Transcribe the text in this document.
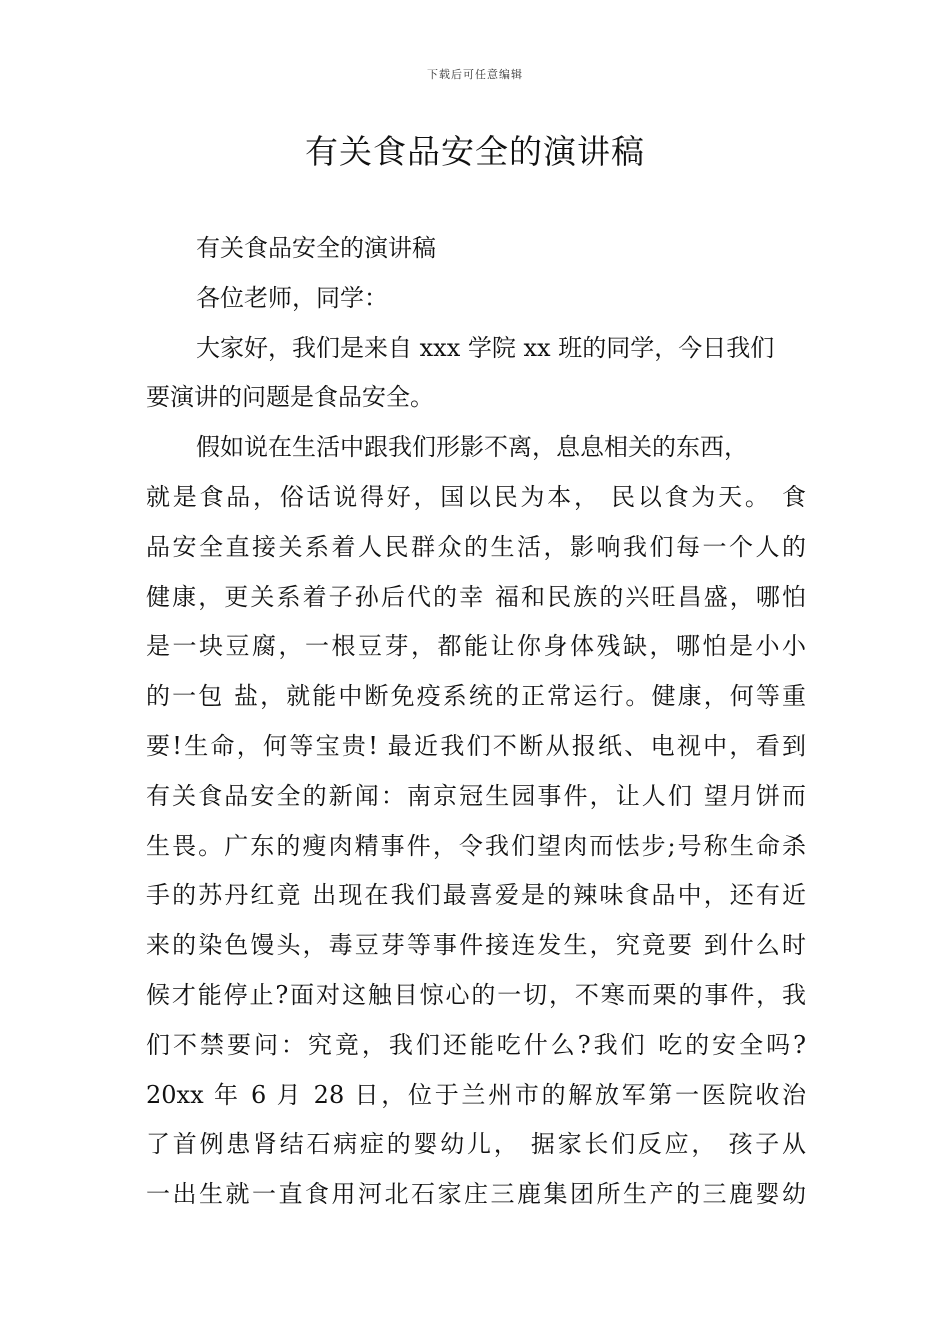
下载后可任意编辑
有关食品安全的演讲稿
有关食品安全的演讲稿
各位老师，同学：
大家好，我们是来自 xxx 学院 xx 班的同学，今日我们
要演讲的问题是食品安全。
假如说在生活中跟我们形影不离，息息相关的东西，
就是食品，俗话说得好，国以民为本， 民以食为天。 食
品安全直接关系着人民群众的生活，影响我们每一个人的
健康，更关系着子孙后代的幸 福和民族的兴旺昌盛，哪怕
是一块豆腐，一根豆芽，都能让你身体残缺，哪怕是小小
的一包 盐，就能中断免疫系统的正常运行。健康，何等重
要!生命，何等宝贵! 最近我们不断从报纸、电视中，看到
有关食品安全的新闻：南京冠生园事件，让人们 望月饼而
生畏。广东的瘦肉精事件，令我们望肉而怯步;号称生命杀
手的苏丹红竟 出现在我们最喜爱是的辣味食品中，还有近
来的染色馒头，毒豆芽等事件接连发生，究竟要 到什么时
候才能停止?面对这触目惊心的一切，不寒而栗的事件，我
们不禁要问：究竟，我们还能吃什么?我们 吃的安全吗?
20xx 年 6 月 28 日，位于兰州市的解放军第一医院收治
了首例患肾结石病症的婴幼儿， 据家长们反应， 孩子从
一出生就一直食用河北石家庄三鹿集团所生产的三鹿婴幼
